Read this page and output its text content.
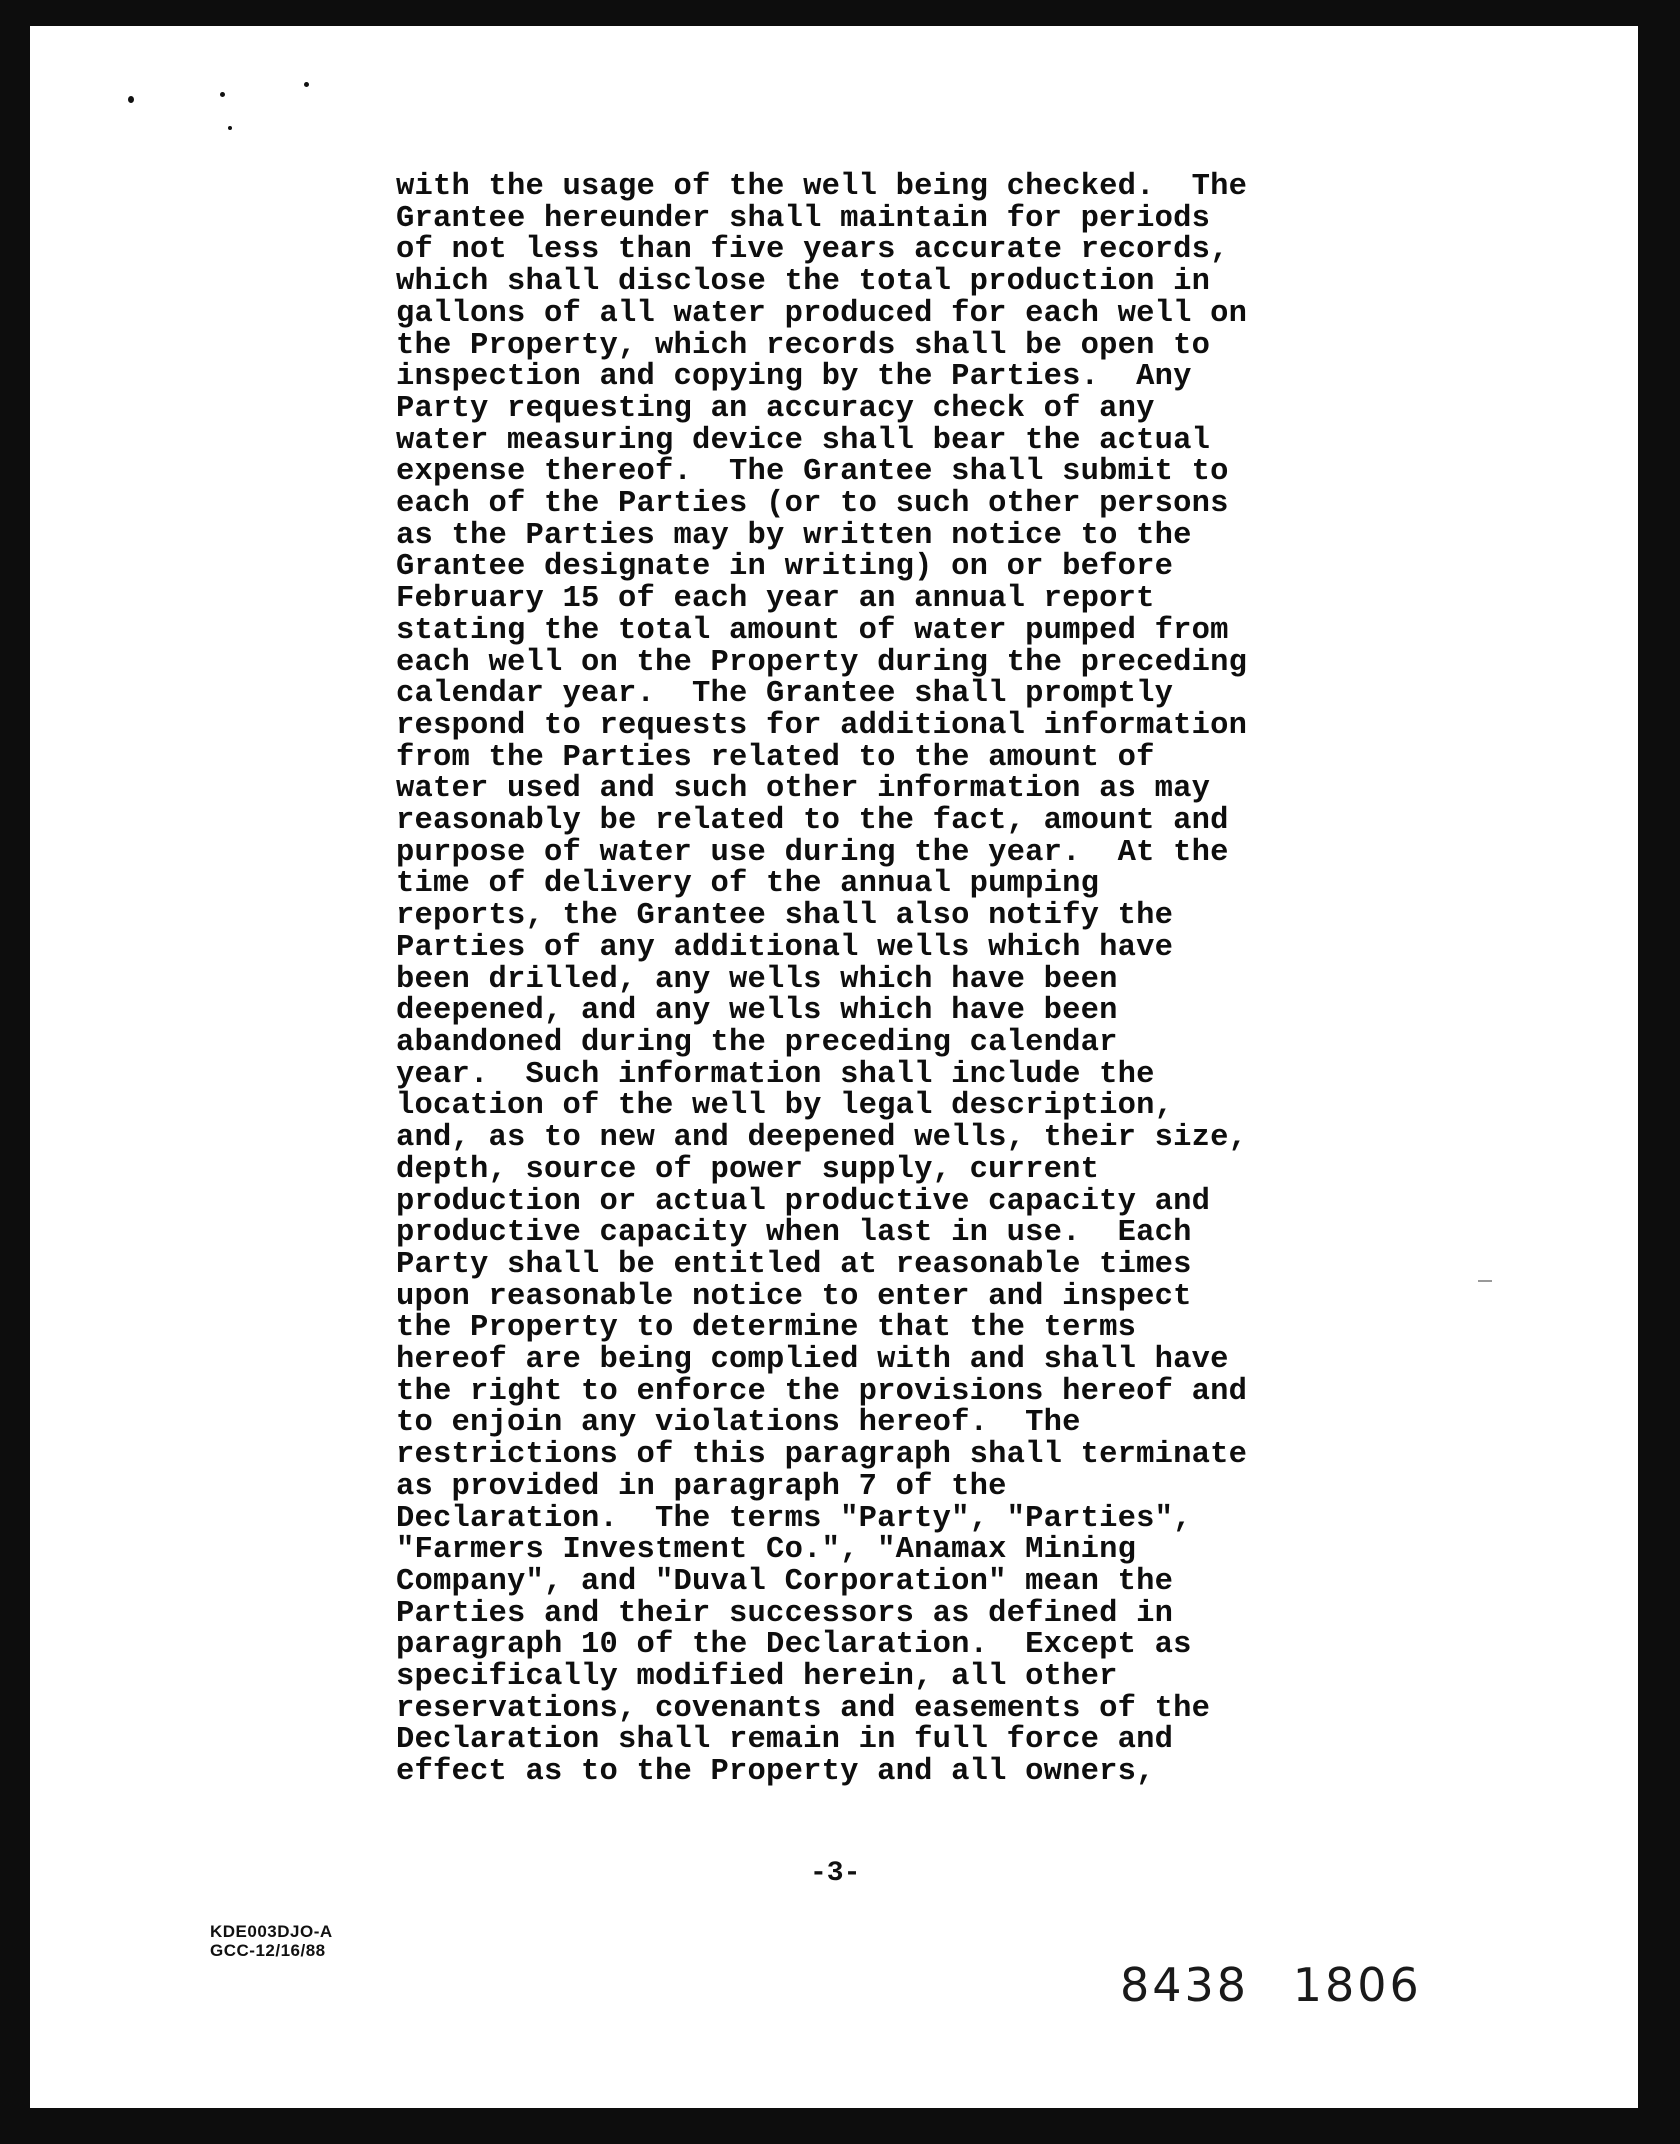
with the usage of the well being checked.  The
Grantee hereunder shall maintain for periods
of not less than five years accurate records,
which shall disclose the total production in
gallons of all water produced for each well on
the Property, which records shall be open to
inspection and copying by the Parties.  Any
Party requesting an accuracy check of any
water measuring device shall bear the actual
expense thereof.  The Grantee shall submit to
each of the Parties (or to such other persons
as the Parties may by written notice to the
Grantee designate in writing) on or before
February 15 of each year an annual report
stating the total amount of water pumped from
each well on the Property during the preceding
calendar year.  The Grantee shall promptly
respond to requests for additional information
from the Parties related to the amount of
water used and such other information as may
reasonably be related to the fact, amount and
purpose of water use during the year.  At the
time of delivery of the annual pumping
reports, the Grantee shall also notify the
Parties of any additional wells which have
been drilled, any wells which have been
deepened, and any wells which have been
abandoned during the preceding calendar
year.  Such information shall include the
location of the well by legal description,
and, as to new and deepened wells, their size,
depth, source of power supply, current
production or actual productive capacity and
productive capacity when last in use.  Each
Party shall be entitled at reasonable times
upon reasonable notice to enter and inspect
the Property to determine that the terms
hereof are being complied with and shall have
the right to enforce the provisions hereof and
to enjoin any violations hereof.  The
restrictions of this paragraph shall terminate
as provided in paragraph 7 of the
Declaration.  The terms "Party", "Parties",
"Farmers Investment Co.", "Anamax Mining
Company", and "Duval Corporation" mean the
Parties and their successors as defined in
paragraph 10 of the Declaration.  Except as
specifically modified herein, all other
reservations, covenants and easements of the
Declaration shall remain in full force and
effect as to the Property and all owners,
-3-
KDE003DJO-A
GCC-12/16/88
8438 1806
